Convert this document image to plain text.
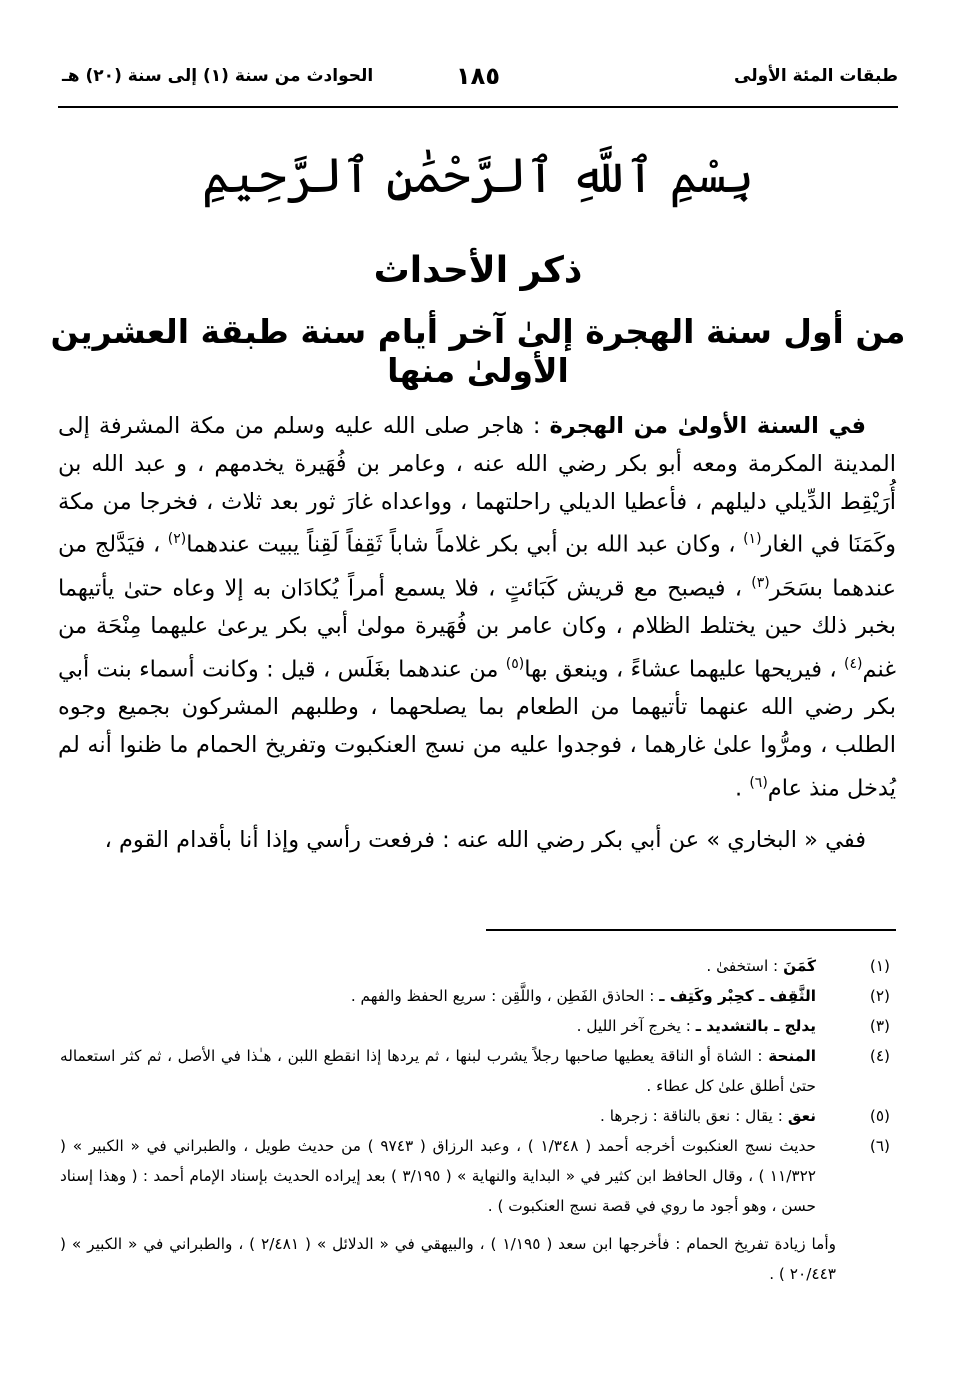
طبقات المئة الأولى
١٨٥
الحوادث من سنة (١) إلى سنة (٢٠) هـ
بِسْمِ ٱللَّهِ ٱلرَّحْمَٰنِ ٱلرَّحِيمِ
ذكر الأحداث
من أول سنة الهجرة إلىٰ آخر أيام سنة طبقة العشرين الأولىٰ منها

في السنة الأولىٰ من الهجرة : هاجر صلى الله عليه وسلم من مكة المشرفة إلى المدينة المكرمة ومعه أبو بكر رضي الله عنه ، وعامر بن فُهَيرة يخدمهم ، و عبد الله بن أُرَيْقِط الدِّيلي دليلهم ، فأعطيا الديلي راحلتهما ، وواعداه غارَ ثور بعد ثلاث ، فخرجا من مكة وكَمَنَا في الغار$^{(١)}$ ، وكان عبد الله بن أبي بكر غلاماً شاباً ثَقِفاً لَقِناً يبيت عندهما$^{(٢)}$ ، فيَدَّلج من عندهما بسَحَر$^{(٣)}$ ، فيصبح مع قريش كَبَائتٍ ، فلا يسمع أمراً يُكادَان به إلا وعاه حتىٰ يأتيهما بخبر ذلك حين يختلط الظلام ، وكان عامر بن فُهَيرة مولىٰ أبي بكر يرعىٰ عليهما مِنْحَة من غنم$^{(٤)}$ ، فيريحها عليهما عشاءً ، وينعق بها$^{(٥)}$ من عندهما بغَلَس ، قيل : وكانت أسماء بنت أبي بكر رضي الله عنهما تأتيهما من الطعام بما يصلحهما ، وطلبهم المشركون بجميع وجوه الطلب ، ومرُّوا علىٰ غارهما ، فوجدوا عليه من نسج العنكبوت وتفريخ الحمام ما ظنوا أنه لم يُدخل منذ عام$^{(٦)}$ .

ففي « البخاري » عن أبي بكر رضي الله عنه : فرفعت رأسي وإذا أنا بأقدام القوم ،

(١)
كَمَنَ : استخفىٰ .
(٢)
الثَّقِف ـ كحِبْر وكَتِف ـ : الحاذق الفَطِن ، واللَّقِن : سريع الحفظ والفهم .
(٣)
يدلج ـ بالتشديد ـ : يخرج آخر الليل .
(٤)
المنحة : الشاة أو الناقة يعطيها صاحبها رجلاً يشرب لبنها ، ثم يردها إذا انقطع اللبن ، هـٰذا في الأصل ، ثم كثر استعماله حتىٰ أطلق علىٰ كل عطاء .
(٥)
نعق : يقال : نعق بالناقة : زجرها .
(٦)
حديث نسج العنكبوت أخرجه أحمد ( ١/٣٤٨ ) ، وعبد الرزاق ( ٩٧٤٣ ) من حديث طويل ، والطبراني في « الكبير » ( ١١/٣٢٢ ) ، وقال الحافظ ابن كثير في « البداية والنهاية » ( ٣/١٩٥ ) بعد إيراده الحديث بإسناد الإمام أحمد : ( وهذا إسناد حسن ، وهو أجود ما روي في قصة نسج العنكبوت ) .
وأما زيادة تفريخ الحمام : فأخرجها ابن سعد ( ١/١٩٥ ) ، والبيهقي في « الدلائل » ( ٢/٤٨١ ) ، والطبراني في « الكبير » ( ٢٠/٤٤٣ ) .
